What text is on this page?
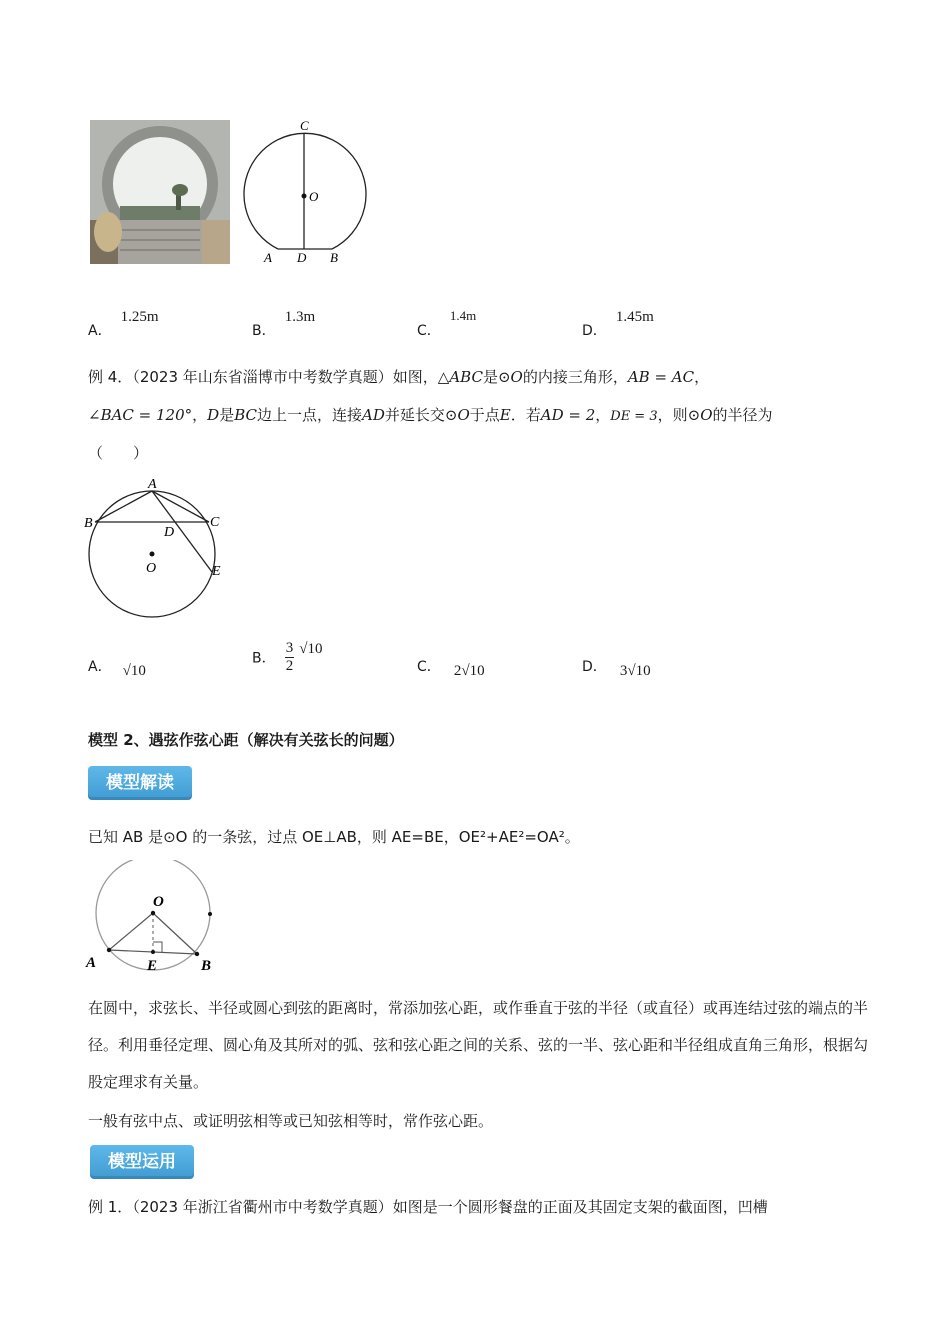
C
O
A D B
A． 1.25m
B． 1.3m
C． 1.4m
D． 1.45m
例 4．（2023 年山东省淄博市中考数学真题）如图，△ABC是⊙O的内接三角形，AB = AC，
∠BAC = 120°，D是BC边上一点，连接AD并延长交⊙O于点E．若AD = 2，DE = 3，则⊙O的半径为
（　　）
A
B	C
D
O	E
A． √10
B． $\frac{3}{2} √10$
C． 2√10	D． 3√10
模型 2、遇弦作弦心距（解决有关弦长的问题）
模型解读
已知 AB 是⊙O 的一条弦，过点 OE⊥AB，则 AE=BE，OE²+AE²=OA²。
O
A	E	B
在圆中，求弦长、半径或圆心到弦的距离时，常添加弦心距，或作垂直于弦的半径（或直径）或再连结过弦的端点的半径。利用垂径定理、圆心角及其所对的弧、弦和弦心距之间的关系、弦的一半、弦心距和半径组成直角三角形，根据勾股定理求有关量。
一般有弦中点、或证明弦相等或已知弦相等时，常作弦心距。
模型运用
例 1．（2023 年浙江省衢州市中考数学真题）如图是一个圆形餐盘的正面及其固定支架的截面图，凹槽
